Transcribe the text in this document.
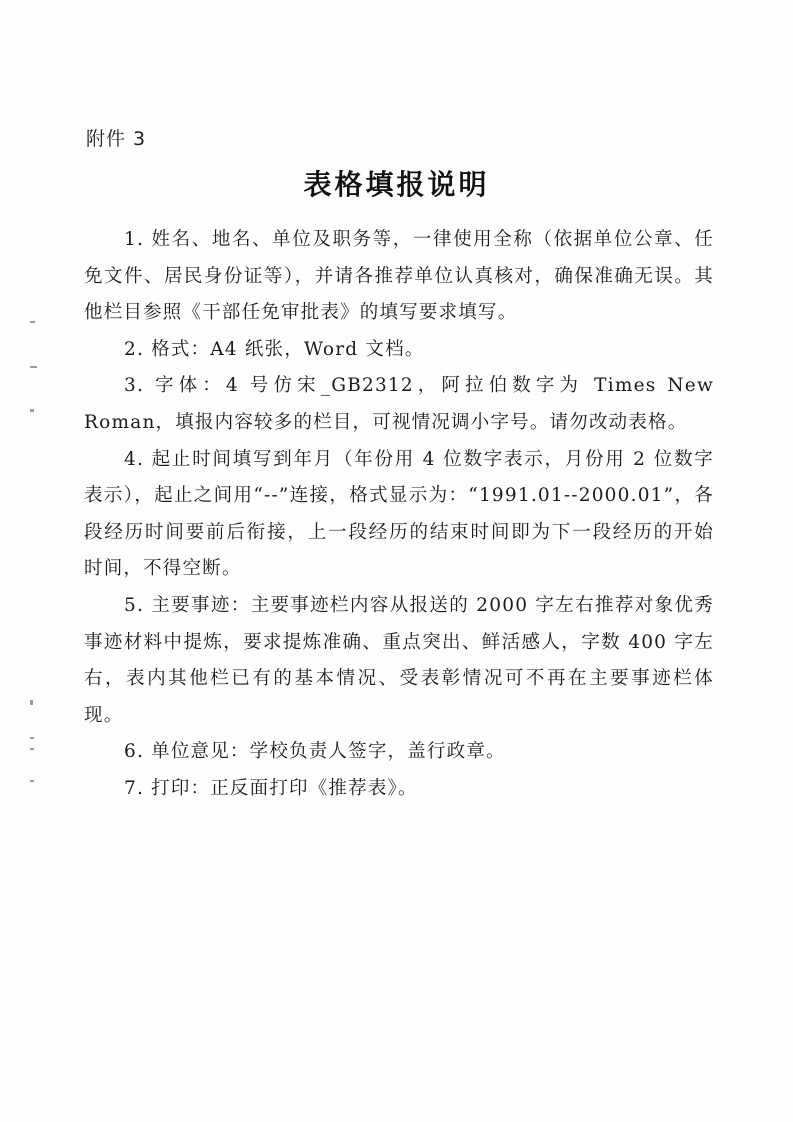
附件 3
表格填报说明

1. 姓名、地名、单位及职务等，一律使用全称（依据单位公章、任免文件、居民身份证等），并请各推荐单位认真核对，确保准确无误。其他栏目参照《干部任免审批表》的填写要求填写。

2. 格式：A4 纸张，Word 文档。

3. 字体：4 号仿宋_GB2312，阿拉伯数字为 Times New Roman，填报内容较多的栏目，可视情况调小字号。请勿改动表格。

4. 起止时间填写到年月（年份用 4 位数字表示，月份用 2 位数字表示），起止之间用“--”连接，格式显示为：“1991.01--2000.01”，各段经历时间要前后衔接，上一段经历的结束时间即为下一段经历的开始时间，不得空断。

5. 主要事迹：主要事迹栏内容从报送的 2000 字左右推荐对象优秀事迹材料中提炼，要求提炼准确、重点突出、鲜活感人，字数 400 字左右，表内其他栏已有的基本情况、受表彰情况可不再在主要事迹栏体现。

6. 单位意见：学校负责人签字，盖行政章。

7. 打印：正反面打印《推荐表》。
